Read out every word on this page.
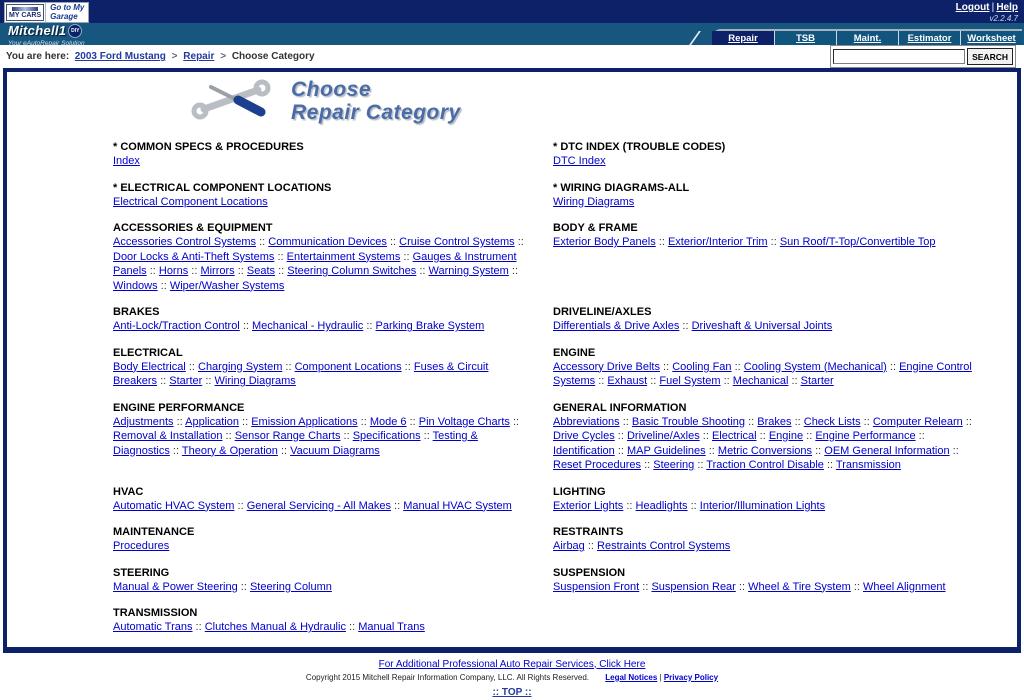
MY CARS
Go to My
Garage
Logout | Help
v2.2.4.7
Mitchell1 DIY
Your eAutoRepair Solution	Repair	TSB	Maint.	Estimator	Worksheet
You are here: 2003 Ford Mustang > Repair > Choose Category	SEARCH
Choose
Repair Category
* COMMON SPECS & PROCEDURES
Index
* DTC INDEX (TROUBLE CODES)
DTC Index
* ELECTRICAL COMPONENT LOCATIONS
Electrical Component Locations
* WIRING DIAGRAMS-ALL
Wiring Diagrams
ACCESSORIES & EQUIPMENT
Accessories Control Systems :: Communication Devices :: Cruise Control Systems :: Door Locks & Anti-Theft Systems :: Entertainment Systems :: Gauges & Instrument Panels :: Horns :: Mirrors :: Seats :: Steering Column Switches :: Warning System :: Windows :: Wiper/Washer Systems
BODY & FRAME
Exterior Body Panels :: Exterior/Interior Trim :: Sun Roof/T-Top/Convertible Top
BRAKES
Anti-Lock/Traction Control :: Mechanical - Hydraulic :: Parking Brake System
DRIVELINE/AXLES
Differentials & Drive Axles :: Driveshaft & Universal Joints
ELECTRICAL
Body Electrical :: Charging System :: Component Locations :: Fuses & Circuit Breakers :: Starter :: Wiring Diagrams
ENGINE
Accessory Drive Belts :: Cooling Fan :: Cooling System (Mechanical) :: Engine Control Systems :: Exhaust :: Fuel System :: Mechanical :: Starter
ENGINE PERFORMANCE
Adjustments :: Application :: Emission Applications :: Mode 6 :: Pin Voltage Charts :: Removal & Installation :: Sensor Range Charts :: Specifications :: Testing & Diagnostics :: Theory & Operation :: Vacuum Diagrams
GENERAL INFORMATION
Abbreviations :: Basic Trouble Shooting :: Brakes :: Check Lists :: Computer Relearn :: Drive Cycles :: Driveline/Axles :: Electrical :: Engine :: Engine Performance :: Identification :: MAP Guidelines :: Metric Conversions :: OEM General Information :: Reset Procedures :: Steering :: Traction Control Disable :: Transmission
HVAC
Automatic HVAC System :: General Servicing - All Makes :: Manual HVAC System
LIGHTING
Exterior Lights :: Headlights :: Interior/Illumination Lights
MAINTENANCE
Procedures
RESTRAINTS
Airbag :: Restraints Control Systems
STEERING
Manual & Power Steering :: Steering Column
SUSPENSION
Suspension Front :: Suspension Rear :: Wheel & Tire System :: Wheel Alignment
TRANSMISSION
Automatic Trans :: Clutches Manual & Hydraulic :: Manual Trans
For Additional Professional Auto Repair Services, Click Here
Copyright 2015 Mitchell Repair Information Company, LLC. All Rights Reserved. Legal Notices | Privacy Policy
:: TOP ::
